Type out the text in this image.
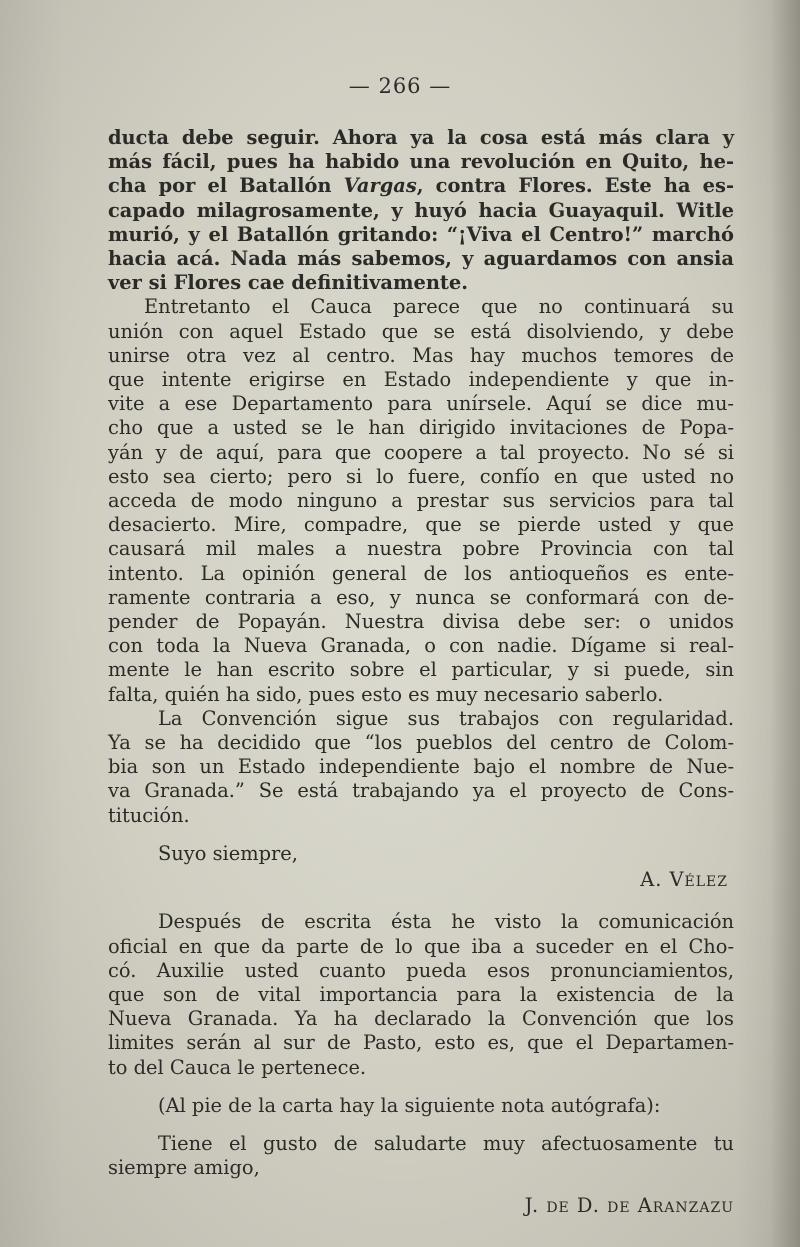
— 266 —
ducta debe seguir. Ahora ya la cosa está más clara y
más fácil, pues ha habido una revolución en Quito, he-
cha por el Batallón Vargas, contra Flores. Este ha es-
capado milagrosamente, y huyó hacia Guayaquil. Witle
murió, y el Batallón gritando: “¡Viva el Centro!” marchó
hacia acá. Nada más sabemos, y aguardamos con ansia
ver si Flores cae definitivamente.
Entretanto el Cauca parece que no continuará su
unión con aquel Estado que se está disolviendo, y debe
unirse otra vez al centro. Mas hay muchos temores de
que intente erigirse en Estado independiente y que in-
vite a ese Departamento para unírsele. Aquí se dice mu-
cho que a usted se le han dirigido invitaciones de Popa-
yán y de aquí, para que coopere a tal proyecto. No sé si
esto sea cierto; pero si lo fuere, confío en que usted no
acceda de modo ninguno a prestar sus servicios para tal
desacierto. Mire, compadre, que se pierde usted y que
causará mil males a nuestra pobre Provincia con tal
intento. La opinión general de los antioqueños es ente-
ramente contraria a eso, y nunca se conformará con de-
pender de Popayán. Nuestra divisa debe ser: o unidos
con toda la Nueva Granada, o con nadie. Dígame si real-
mente le han escrito sobre el particular, y si puede, sin
falta, quién ha sido, pues esto es muy necesario saberlo.
La Convención sigue sus trabajos con regularidad.
Ya se ha decidido que “los pueblos del centro de Colom-
bia son un Estado independiente bajo el nombre de Nue-
va Granada.” Se está trabajando ya el proyecto de Cons-
titución.
Suyo siempre,
A. Vélez
Después de escrita ésta he visto la comunicación
oficial en que da parte de lo que iba a suceder en el Cho-
có. Auxilie usted cuanto pueda esos pronunciamientos,
que son de vital importancia para la existencia de la
Nueva Granada. Ya ha declarado la Convención que los
limites serán al sur de Pasto, esto es, que el Departamen-
to del Cauca le pertenece.
(Al pie de la carta hay la siguiente nota autógrafa):
Tiene el gusto de saludarte muy afectuosamente tu
siempre amigo,
J. de D. de Aranzazu
